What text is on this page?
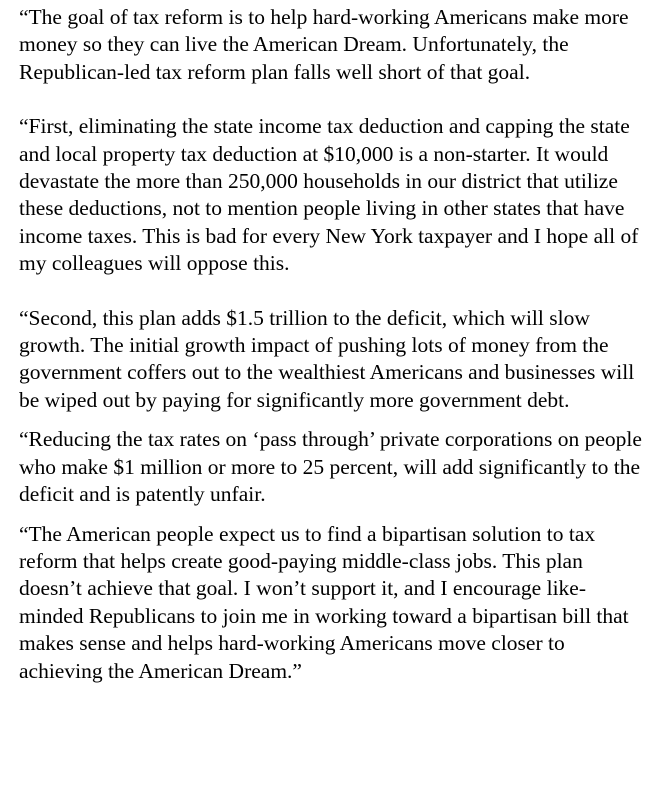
“The goal of tax reform is to help hard-working Americans make more money so they can live the American Dream. Unfortunately, the Republican-led tax reform plan falls well short of that goal.

“First, eliminating the state income tax deduction and capping the state and local property tax deduction at $10,000 is a non-starter. It would devastate the more than 250,000 households in our district that utilize these deductions, not to mention people living in other states that have income taxes. This is bad for every New York taxpayer and I hope all of my colleagues will oppose this.

“Second, this plan adds $1.5 trillion to the deficit, which will slow growth. The initial growth impact of pushing lots of money from the government coffers out to the wealthiest Americans and businesses will be wiped out by paying for significantly more government debt.

“Reducing the tax rates on ‘pass through’ private corporations on people who make $1 million or more to 25 percent, will add significantly to the deficit and is patently unfair.

“The American people expect us to find a bipartisan solution to tax reform that helps create good-paying middle-class jobs. This plan doesn’t achieve that goal. I won’t support it, and I encourage like-minded Republicans to join me in working toward a bipartisan bill that makes sense and helps hard-working Americans move closer to achieving the American Dream.”
